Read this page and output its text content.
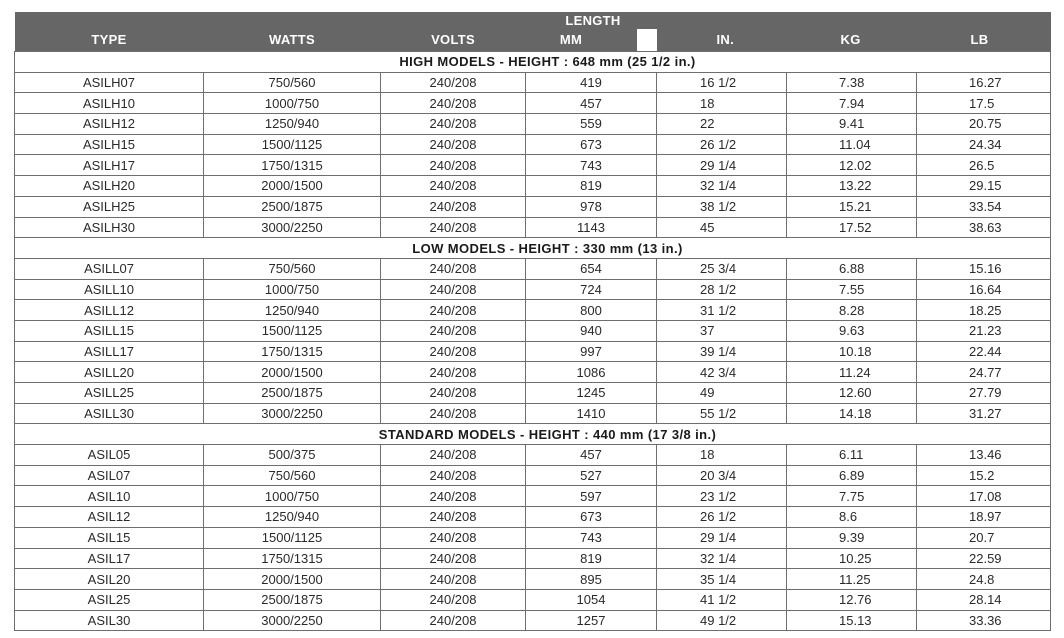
			LENGTH		
TYPE	WATTS	VOLTS	MM	IN.	KG	LB
HIGH MODELS - HEIGHT : 648 mm (25 1/2 in.)
ASILH07	750/560	240/208	419	16 1/2	7.38	16.27
ASILH10	1000/750	240/208	457	18	7.94	17.5
ASILH12	1250/940	240/208	559	22	9.41	20.75
ASILH15	1500/1125	240/208	673	26 1/2	11.04	24.34
ASILH17	1750/1315	240/208	743	29 1/4	12.02	26.5
ASILH20	2000/1500	240/208	819	32 1/4	13.22	29.15
ASILH25	2500/1875	240/208	978	38 1/2	15.21	33.54
ASILH30	3000/2250	240/208	1143	45	17.52	38.63
LOW MODELS - HEIGHT : 330 mm (13 in.)
ASILL07	750/560	240/208	654	25 3/4	6.88	15.16
ASILL10	1000/750	240/208	724	28 1/2	7.55	16.64
ASILL12	1250/940	240/208	800	31 1/2	8.28	18.25
ASILL15	1500/1125	240/208	940	37	9.63	21.23
ASILL17	1750/1315	240/208	997	39 1/4	10.18	22.44
ASILL20	2000/1500	240/208	1086	42 3/4	11.24	24.77
ASILL25	2500/1875	240/208	1245	49	12.60	27.79
ASILL30	3000/2250	240/208	1410	55 1/2	14.18	31.27
STANDARD MODELS - HEIGHT : 440 mm (17 3/8 in.)
ASIL05	500/375	240/208	457	18	6.11	13.46
ASIL07	750/560	240/208	527	20 3/4	6.89	15.2
ASIL10	1000/750	240/208	597	23 1/2	7.75	17.08
ASIL12	1250/940	240/208	673	26 1/2	8.6	18.97
ASIL15	1500/1125	240/208	743	29 1/4	9.39	20.7
ASIL17	1750/1315	240/208	819	32 1/4	10.25	22.59
ASIL20	2000/1500	240/208	895	35 1/4	11.25	24.8
ASIL25	2500/1875	240/208	1054	41 1/2	12.76	28.14
ASIL30	3000/2250	240/208	1257	49 1/2	15.13	33.36
